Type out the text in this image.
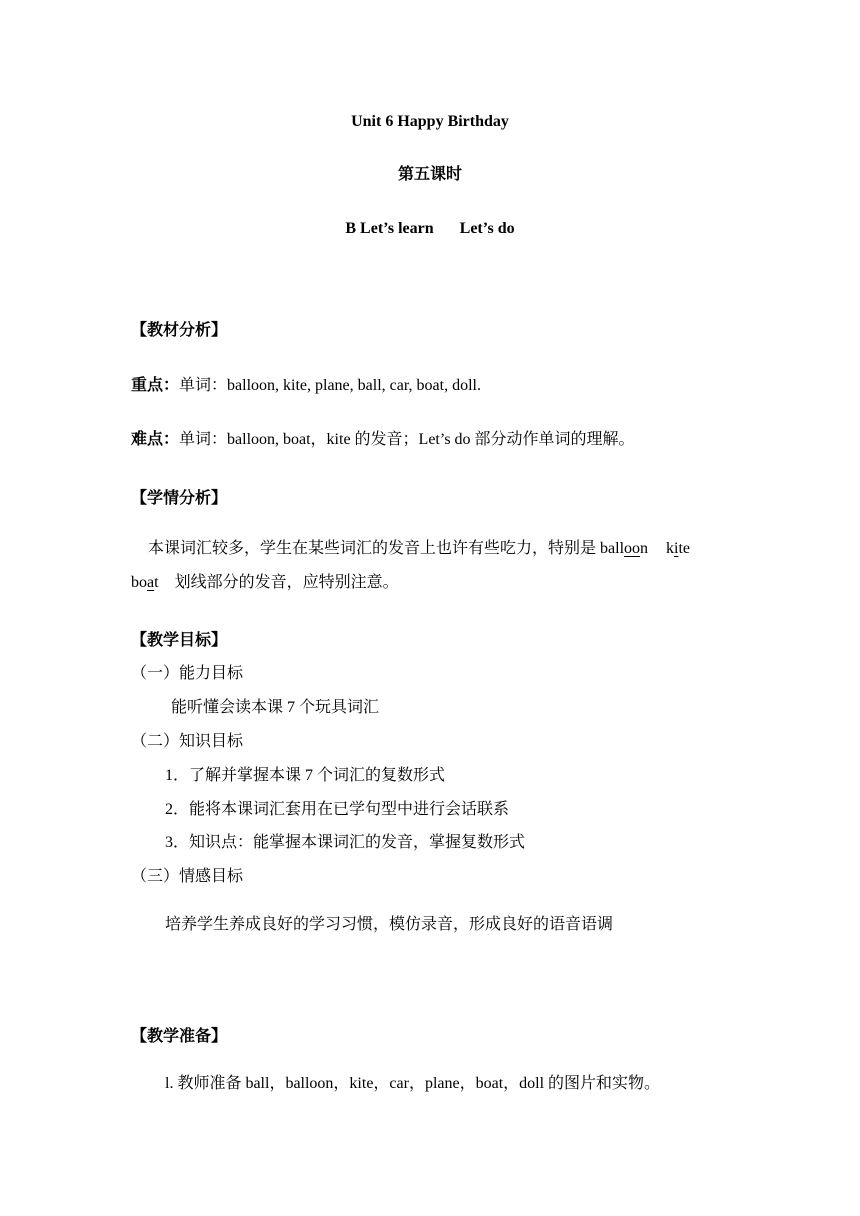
Unit 6 Happy Birthday
第五课时
B Let’s learn Let’s do
【教材分析】
重点：单词：balloon, kite, plane, ball, car, boat, doll.
难点：单词：balloon, boat，kite 的发音；Let’s do 部分动作单词的理解。
【学情分析】
本课词汇较多，学生在某些词汇的发音上也许有些吃力，特别是 balloon kite
boat 划线部分的发音，应特别注意。
【教学目标】
（一）能力目标
能听懂会读本课 7 个玩具词汇
（二）知识目标
1．了解并掌握本课 7 个词汇的复数形式
2．能将本课词汇套用在已学句型中进行会话联系
3．知识点：能掌握本课词汇的发音，掌握复数形式
（三）情感目标
培养学生养成良好的学习习惯，模仿录音，形成良好的语音语调
【教学准备】
l. 教师准备 ball，balloon，kite，car，plane，boat，doll 的图片和实物。
